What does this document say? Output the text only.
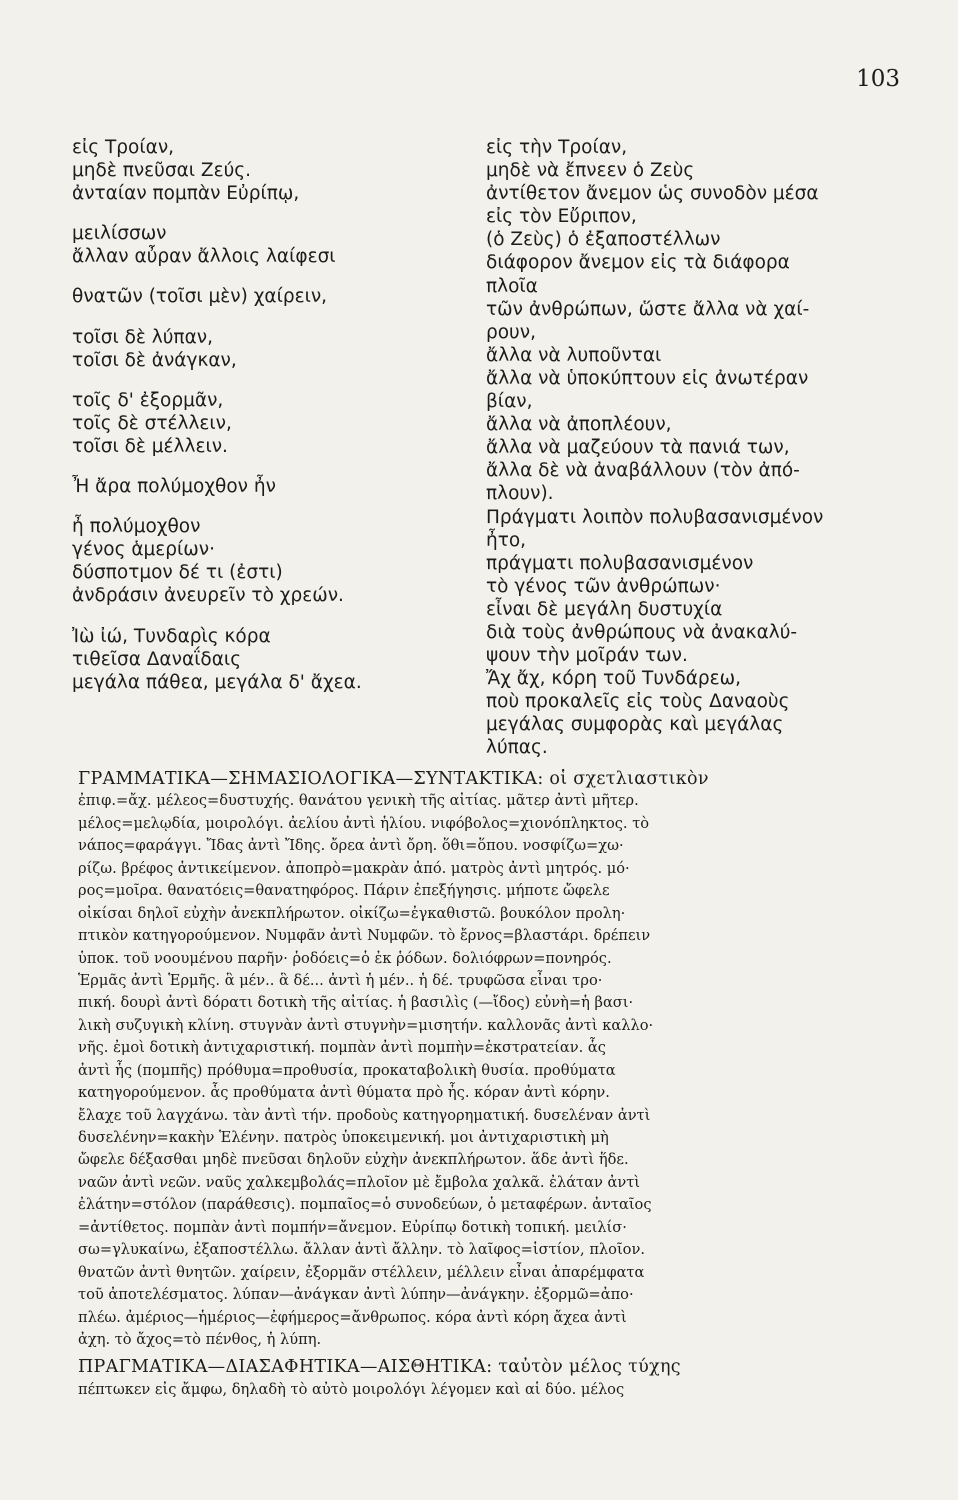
103
εἰς Τροίαν,
μηδὲ πνεῦσαι Ζεύς.
ἀνταίαν πομπὰν Εὐρίπῳ,
μειλίσσων
ἄλλαν αὖραν ἄλλοις λαίφεσι
θνατῶν (τοῖσι μὲν) χαίρειν,
τοῖσι δὲ λύπαν,
τοῖσι δὲ ἀνάγκαν,
τοῖς δ' ἐξορμᾶν,
τοῖς δὲ στέλλειν,
τοῖσι δὲ μέλλειν.
Ἦ ἄρα πολύμοχθον ἦν
ἦ πολύμοχθον
γένος ἁμερίων·
δύσποτμον δέ τι (ἐστι)
ἀνδράσιν ἀνευρεῖν τὸ χρεών.
Ἰὼ ἰώ, Τυνδαρὶς κόρα
τιθεῖσα Δαναΐδαις
μεγάλα πάθεα, μεγάλα δ' ἄχεα.
εἰς τὴν Τροίαν,
μηδὲ νὰ ἔπνεεν ὁ Ζεὺς
ἀντίθετον ἄνεμον ὡς συνοδὸν μέσα
εἰς τὸν Εὔριπον,
(ὁ Ζεὺς) ὁ ἐξαποστέλλων
διάφορον ἄνεμον εἰς τὰ διάφορα
πλοῖα
τῶν ἀνθρώπων, ὥστε ἄλλα νὰ χαί-
ρουν,
ἄλλα νὰ λυποῦνται
ἄλλα νὰ ὑποκύπτουν εἰς ἀνωτέραν
βίαν,
ἄλλα νὰ ἀποπλέουν,
ἄλλα νὰ μαζεύουν τὰ πανιά των,
ἄλλα δὲ νὰ ἀναβάλλουν (τὸν ἀπό-
πλουν).
Πράγματι λοιπὸν πολυβασανισμένον
ἦτο,
πράγματι πολυβασανισμένον
τὸ γένος τῶν ἀνθρώπων·
εἶναι δὲ μεγάλη δυστυχία
διὰ τοὺς ἀνθρώπους νὰ ἀνακαλύ-
ψουν τὴν μοῖράν των.
Ἄχ ἄχ, κόρη τοῦ Τυνδάρεω,
ποὺ προκαλεῖς εἰς τοὺς Δαναοὺς
μεγάλας συμφορὰς καὶ μεγάλας
λύπας.
ΓΡΑΜΜΑΤΙΚΑ—ΣΗΜΑΣΙΟΛΟΓΙΚΑ—ΣΥΝΤΑΚΤΙΚΑ: οἱ σχετλιαστικὸν
ἐπιφ.=ἄχ. μέλεος=δυστυχής. θανάτου γενικὴ τῆς αἰτίας. μᾶτερ ἀντὶ μῆτερ.
μέλος=μελῳδία, μοιρολόγι. ἀελίου ἀντὶ ἡλίου. νιφόβολος=χιονόπληκτος. τὸ
νάπος=φαράγγι. Ἴδας ἀντὶ Ἴδης. ὄρεα ἀντὶ ὄρη. ὅθι=ὅπου. νοσφίζω=χω·
ρίζω. βρέφος ἀντικείμενον. ἀποπρὸ=μακρὰν ἀπό. ματρὸς ἀντὶ μητρός. μό·
ρος=μοῖρα. θανατόεις=θανατηφόρος. Πάριν ἐπεξήγησις. μήποτε ὤφελε
οἰκίσαι δηλοῖ εὐχὴν ἀνεκπλήρωτον. οἰκίζω=ἐγκαθιστῶ. βουκόλον προλη·
πτικὸν κατηγορούμενον. Νυμφᾶν ἀντὶ Νυμφῶν. τὸ ἔρνος=βλαστάρι. δρέπειν
ὑποκ. τοῦ νοουμένου παρῆν· ῥοδόεις=ὁ ἐκ ῥόδων. δολιόφρων=πονηρός.
Ἑρμᾶς ἀντὶ Ἑρμῆς. ἃ μέν.. ἃ δέ... ἀντὶ ἡ μέν.. ἡ δέ. τρυφῶσα εἶναι τρο·
πική. δουρὶ ἀντὶ δόρατι δοτικὴ τῆς αἰτίας. ἡ βασιλὶς (—ἴδος) εὐνὴ=ἡ βασι·
λικὴ συζυγικὴ κλίνη. στυγνὰν ἀντὶ στυγνὴν=μισητήν. καλλονᾶς ἀντὶ καλλο·
νῆς. ἐμοὶ δοτικὴ ἀντιχαριστική. πομπὰν ἀντὶ πομπὴν=ἐκστρατείαν. ἇς
ἀντὶ ἧς (πομπῆς) πρόθυμα=προθυσία, προκαταβολικὴ θυσία. προθύματα
κατηγορούμενον. ἇς προθύματα ἀντὶ θύματα πρὸ ἧς. κόραν ἀντὶ κόρην.
ἔλαχε τοῦ λαγχάνω. τὰν ἀντὶ τήν. προδοὺς κατηγορηματική. δυσελέναν ἀντὶ
δυσελένην=κακὴν Ἑλένην. πατρὸς ὑποκειμενική. μοι ἀντιχαριστικὴ μὴ
ὤφελε δέξασθαι μηδὲ πνεῦσαι δηλοῦν εὐχὴν ἀνεκπλήρωτον. ἅδε ἀντὶ ἥδε.
ναῶν ἀντὶ νεῶν. ναῦς χαλκεμβολάς=πλοῖον μὲ ἔμβολα χαλκᾶ. ἐλάταν ἀντὶ
ἐλάτην=στόλον (παράθεσις). πομπαῖος=ὁ συνοδεύων, ὁ μεταφέρων. ἀνταῖος
=ἀντίθετος. πομπὰν ἀντὶ πομπήν=ἄνεμον. Εὐρίπῳ δοτικὴ τοπική. μειλίσ·
σω=γλυκαίνω, ἐξαποστέλλω. ἄλλαν ἀντὶ ἄλλην. τὸ λαῖφος=ἱστίον, πλοῖον.
θνατῶν ἀντὶ θνητῶν. χαίρειν, ἐξορμᾶν στέλλειν, μέλλειν εἶναι ἀπαρέμφατα
τοῦ ἀποτελέσματος. λύπαν—ἀνάγκαν ἀντὶ λύπην—ἀνάγκην. ἐξορμῶ=ἀπο·
πλέω. ἀμέριος—ἡμέριος—ἐφήμερος=ἄνθρωπος. κόρα ἀντὶ κόρη ἄχεα ἀντὶ
ἀχη. τὸ ἄχος=τὸ πένθος, ἡ λύπη.
ΠΡΑΓΜΑΤΙΚΑ—ΔΙΑΣΑΦΗΤΙΚΑ—ΑΙΣΘΗΤΙΚΑ: ταὐτὸν μέλος τύχης
πέπτωκεν εἰς ἄμφω, δηλαδὴ τὸ αὐτὸ μοιρολόγι λέγομεν καὶ αἱ δύο. μέλος
